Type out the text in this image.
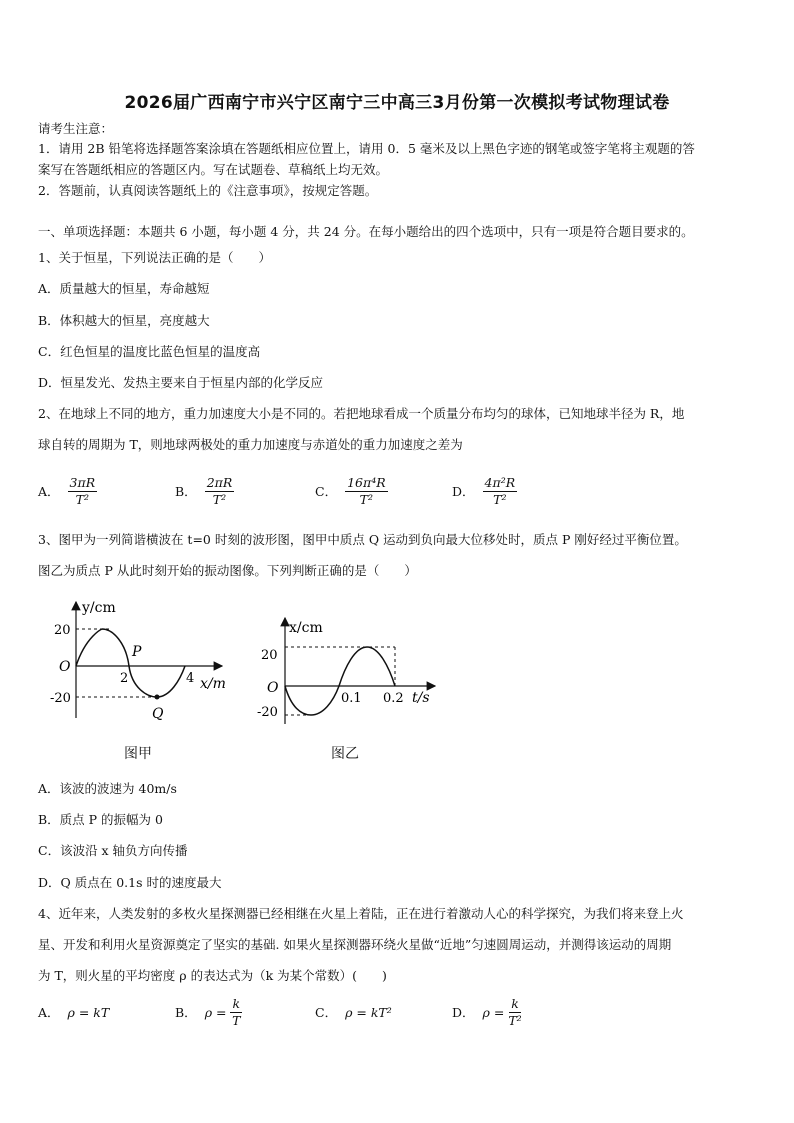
2026届广西南宁市兴宁区南宁三中高三3月份第一次模拟考试物理试卷
请考生注意：
1．请用 2B 铅笔将选择题答案涂填在答题纸相应位置上，请用 0．5 毫米及以上黑色字迹的钢笔或签字笔将主观题的答
案写在答题纸相应的答题区内。写在试题卷、草稿纸上均无效。
2．答题前，认真阅读答题纸上的《注意事项》，按规定答题。
一、单项选择题：本题共 6 小题，每小题 4 分，共 24 分。在每小题给出的四个选项中，只有一项是符合题目要求的。
1、关于恒星，下列说法正确的是（　　）
A．质量越大的恒星，寿命越短
B．体积越大的恒星，亮度越大
C．红色恒星的温度比蓝色恒星的温度高
D．恒星发光、发热主要来自于恒星内部的化学反应
2、在地球上不同的地方，重力加速度大小是不同的。若把地球看成一个质量分布均匀的球体，已知地球半径为 R，地
球自转的周期为 T，则地球两极处的重力加速度与赤道处的重力加速度之差为
A． $\frac{3\pi R}{\text{T²}}$	B． $\frac{2\pi R}{\text{T²}}$	C． $\frac{\text{16π⁴R}}{\text{T²}}$	D． $\frac{\text{4π²R}}{\text{T²}}$
3、图甲为一列简谐横波在 t=0 时刻的波形图，图甲中质点 Q 运动到负向最大位移处时，质点 P 刚好经过平衡位置。
图乙为质点 P 从此时刻开始的振动图像。下列判断正确的是（　　）
y/cm
20
O
-20
2	4 x/m
P
Q
图甲
x/cm
20
O
-20
0.1 0.2 t/s
图乙
A．该波的波速为 40m/s
B．质点 P 的振幅为 0
C．该波沿 x 轴负方向传播
D．Q 质点在 0.1s 时的速度最大
4、近年来，人类发射的多枚火星探测器已经相继在火星上着陆，正在进行着激动人心的科学探究，为我们将来登上火
星、开发和利用火星资源奠定了坚实的基础. 如果火星探测器环绕火星做“近地”匀速圆周运动，并测得该运动的周期
为 T，则火星的平均密度 ρ 的表达式为（k 为某个常数）(　　)
A． ρ = kT	B． $\rho = \frac{k}{T}$	C． ρ = kT²	D． $\rho = \frac{k}{\text{T²}}$
